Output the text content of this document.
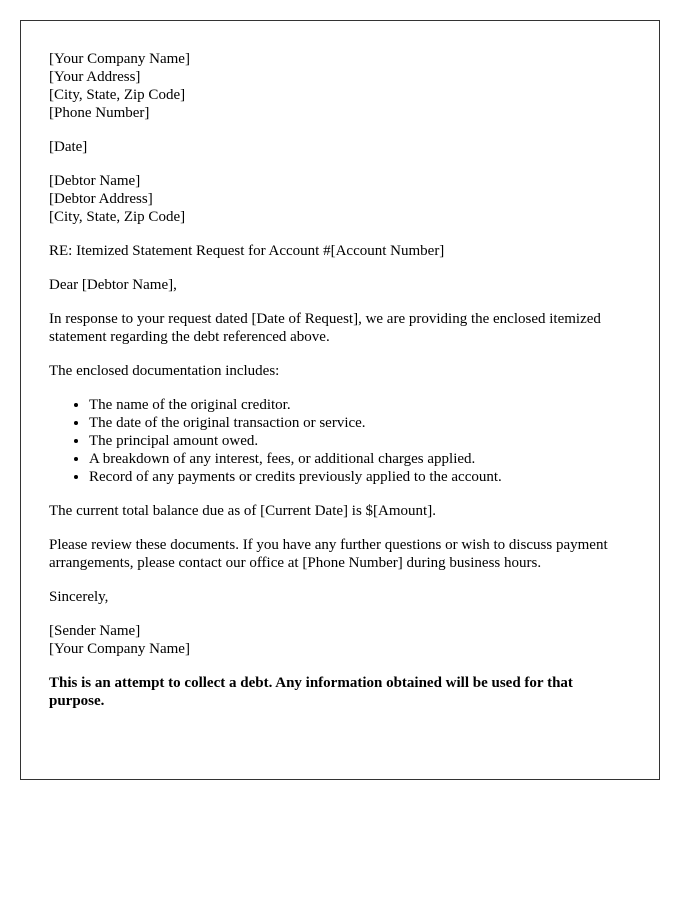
[Your Company Name]
[Your Address]
[City, State, Zip Code]
[Phone Number]
[Date]
[Debtor Name]
[Debtor Address]
[City, State, Zip Code]

RE: Itemized Statement Request for Account #[Account Number]

Dear [Debtor Name],

In response to your request dated [Date of Request], we are providing the enclosed itemized statement regarding the debt referenced above.

The enclosed documentation includes:

• The name of the original creditor.
• The date of the original transaction or service.
• The principal amount owed.
• A breakdown of any interest, fees, or additional charges applied.
• Record of any payments or credits previously applied to the account.

The current total balance due as of [Current Date] is $[Amount].

Please review these documents. If you have any further questions or wish to discuss payment arrangements, please contact our office at [Phone Number] during business hours.

Sincerely,

[Sender Name]
[Your Company Name]

This is an attempt to collect a debt. Any information obtained will be used for that purpose.
